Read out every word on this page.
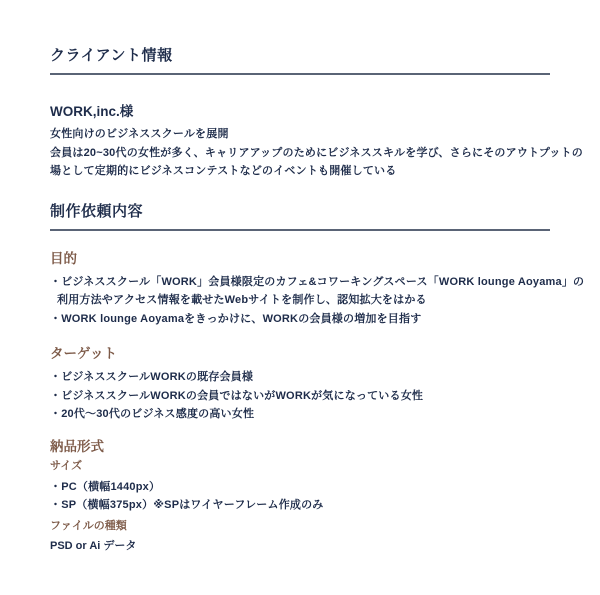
クライアント情報
WORK,inc.様

女性向けのビジネススクールを展開

会員は20~30代の女性が多く、キャリアアップのためにビジネススキルを学び、さらにそのアウトプットの場として定期的にビジネスコンテストなどのイベントも開催している

制作依頼内容
目的
・ビジネススクール「WORK」会員様限定のカフェ&コワーキングスペース「WORK lounge Aoyama」の利用方法やアクセス情報を載せたWebサイトを制作し、認知拡大をはかる
・WORK lounge Aoyamaをきっかけに、WORKの会員様の増加を目指す
ターゲット
・ビジネススクールWORKの既存会員様
・ビジネススクールWORKの会員ではないがWORKが気になっている女性
・20代〜30代のビジネス感度の高い女性
納品形式
サイズ
・PC（横幅1440px）
・SP（横幅375px）※SPはワイヤーフレーム作成のみ
ファイルの種類

PSD or Ai データ
